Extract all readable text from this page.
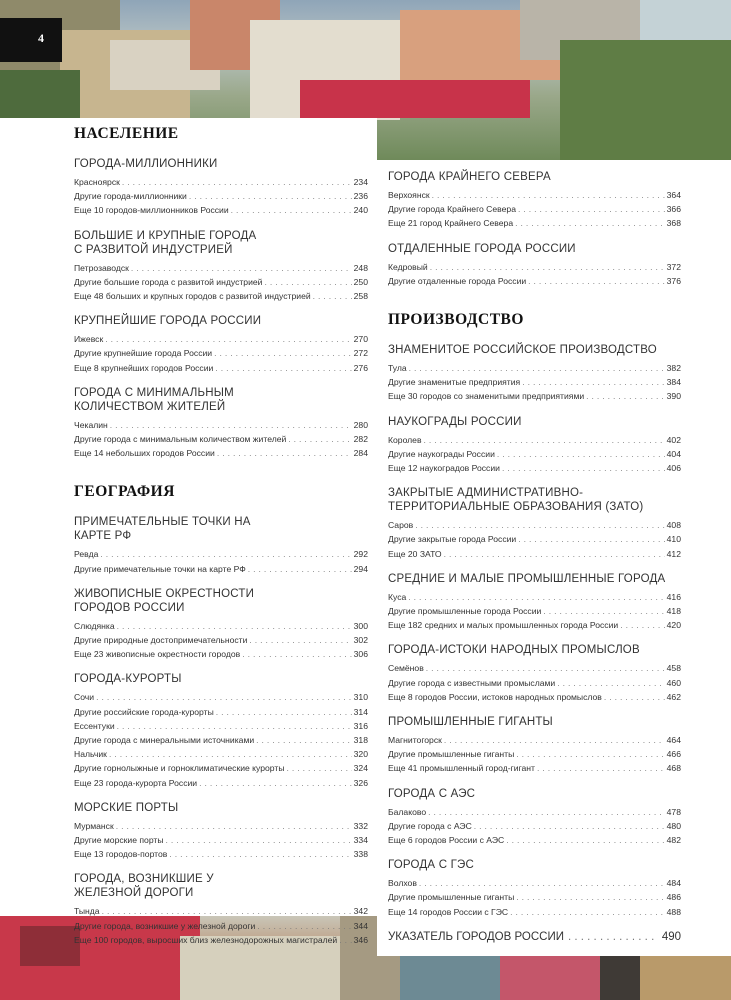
4
НАСЕЛЕНИЕ
ГОРОДА-МИЛЛИОННИКИ
Красноярск . . .	234
Другие города-миллионники . . .	236
Еще 10 городов-миллионников России . . .	240
БОЛЬШИЕ И КРУПНЫЕ ГОРОДА С РАЗВИТОЙ ИНДУСТРИЕЙ
Петрозаводск . . .	248
Другие большие города с развитой индустрией . . .	250
Еще 48 больших и крупных городов с развитой индустрией . . .	258
КРУПНЕЙШИЕ ГОРОДА РОССИИ
Ижевск . . .	270
Другие крупнейшие города России . . .	272
Еще 8 крупнейших городов России . . .	276
ГОРОДА С МИНИМАЛЬНЫМ КОЛИЧЕСТВОМ ЖИТЕЛЕЙ
Чекалин . . .	280
Другие города с минимальным количеством жителей . . .	282
Еще 14 небольших городов России . . .	284
ГЕОГРАФИЯ
ПРИМЕЧАТЕЛЬНЫЕ ТОЧКИ НА КАРТЕ РФ
Ревда . . .	292
Другие примечательные точки на карте РФ . . .	294
ЖИВОПИСНЫЕ ОКРЕСТНОСТИ ГОРОДОВ РОССИИ
Слюдянка . . .	300
Другие природные достопримечательности . . .	302
Еще 23 живописные окрестности городов . . .	306
ГОРОДА-КУРОРТЫ
Сочи . . .	310
Другие российские города-курорты . . .	314
Ессентуки . . .	316
Другие города с минеральными источниками . . .	318
Нальчик . . .	320
Другие горнолыжные и горноклиматические курорты . . .	324
Еще 23 города-курорта России . . .	326
МОРСКИЕ ПОРТЫ
Мурманск . . .	332
Другие морские порты . . .	334
Еще 13 городов-портов . . .	338
ГОРОДА, ВОЗНИКШИЕ У ЖЕЛЕЗНОЙ ДОРОГИ
Тында . . .	342
Другие города, возникшие у железной дороги . . .	344
Еще 100 городов, выросших близ железнодорожных магистралей . . . 346
ГОРОДА КРАЙНЕГО СЕВЕРА
Верхоянск . . .	364
Другие города Крайнего Севера . . .	366
Еще 21 город Крайнего Севера . . .	368
ОТДАЛЕННЫЕ ГОРОДА РОССИИ
Кедровый . . .	372
Другие отдаленные города России . . .	376
ПРОИЗВОДСТВО
ЗНАМЕНИТОЕ РОССИЙСКОЕ ПРОИЗВОДСТВО
Тула . . .	382
Другие знаменитые предприятия . . .	384
Еще 30 городов со знаменитыми предприятиями . . .	390
НАУКОГРАДЫ РОССИИ
Королев . . .	402
Другие наукограды России . . .	404
Еще 12 наукоградов России . . .	406
ЗАКРЫТЫЕ АДМИНИСТРАТИВНО-ТЕРРИТОРИАЛЬНЫЕ ОБРАЗОВАНИЯ (ЗАТО)
Саров . . .	408
Другие закрытые города России . . .	410
Еще 20 ЗАТО . . .	412
СРЕДНИЕ И МАЛЫЕ ПРОМЫШЛЕННЫЕ ГОРОДА
Куса . . .	416
Другие промышленные города России . . .	418
Еще 182 средних и малых промышленных города России . . .	420
ГОРОДА-ИСТОКИ НАРОДНЫХ ПРОМЫСЛОВ
Семёнов . . .	458
Другие города с известными промыслами . . .	460
Еще 8 городов России, истоков народных промыслов . . .	462
ПРОМЫШЛЕННЫЕ ГИГАНТЫ
Магнитогорск . . .	464
Другие промышленные гиганты . . .	466
Еще 41 промышленный город-гигант . . .	468
ГОРОДА С АЭС
Балаково . . .	478
Другие города с АЭС . . .	480
Еще 6 городов России с АЭС . . .	482
ГОРОДА С ГЭС
Волхов . . .	484
Другие промышленные гиганты . . .	486
Еще 14 городов России с ГЭС . . .	488
УКАЗАТЕЛЬ ГОРОДОВ РОССИИ . . .	490
